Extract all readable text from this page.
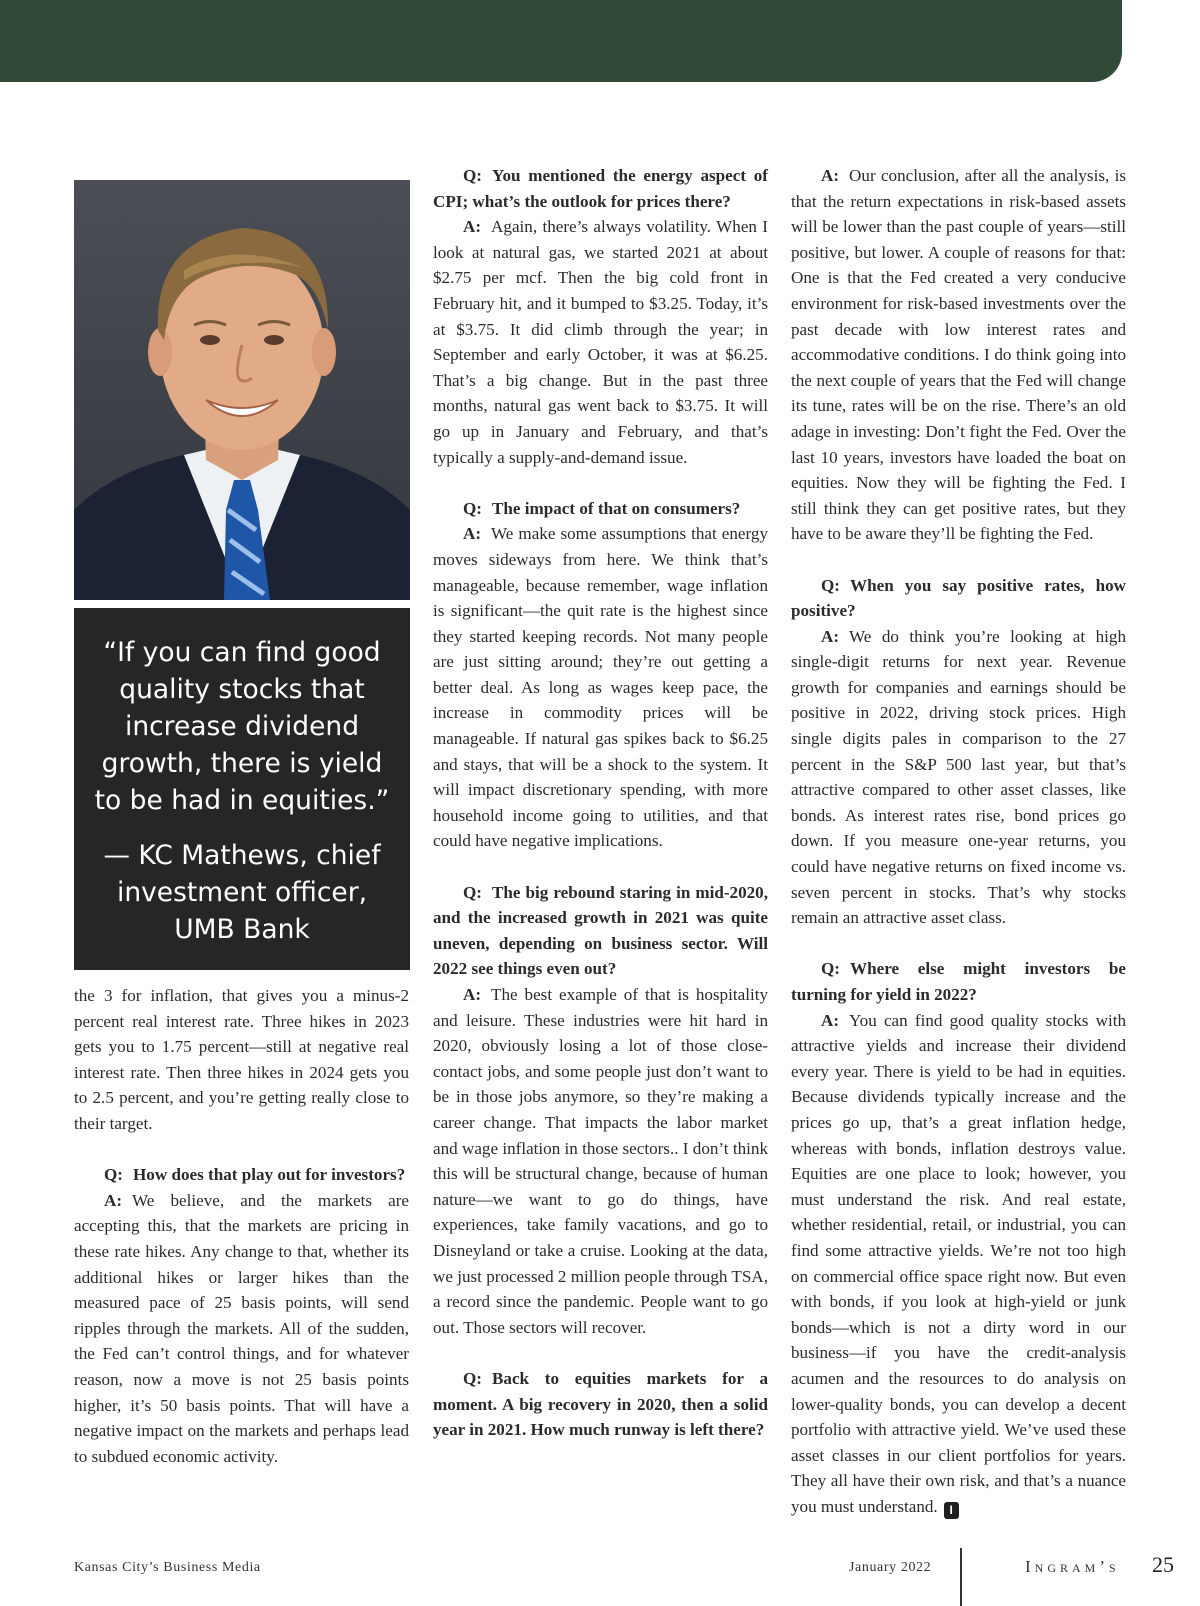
“If you can find good quality stocks that increase dividend growth, there is yield to be had in equities.”

— KC Mathews, chief investment officer, UMB Bank

the 3 for inflation, that gives you a minus-2 percent real interest rate. Three hikes in 2023 gets you to 1.75 percent—still at negative real interest rate. Then three hikes in 2024 gets you to 2.5 percent, and you’re getting really close to their target.

Q: How does that play out for investors?

A: We believe, and the markets are accepting this, that the markets are pricing in these rate hikes. Any change to that, whether its additional hikes or larger hikes than the measured pace of 25 basis points, will send ripples through the markets. All of the sudden, the Fed can’t control things, and for whatever reason, now a move is not 25 basis points higher, it’s 50 basis points. That will have a negative impact on the markets and perhaps lead to subdued economic activity.

Q: You mentioned the energy aspect of CPI; what’s the outlook for prices there?

A: Again, there’s always volatility. When I look at natural gas, we started 2021 at about $2.75 per mcf. Then the big cold front in February hit, and it bumped to $3.25. Today, it’s at $3.75. It did climb through the year; in September and early October, it was at $6.25. That’s a big change. But in the past three months, natural gas went back to $3.75. It will go up in January and February, and that’s typically a supply-and-demand issue.

Q: The impact of that on consumers?

A: We make some assumptions that energy moves sideways from here. We think that’s manageable, because remember, wage inflation is significant—the quit rate is the highest since they started keeping records. Not many people are just sitting around; they’re out getting a better deal. As long as wages keep pace, the increase in commodity prices will be manageable. If natural gas spikes back to $6.25 and stays, that will be a shock to the system. It will impact discretionary spending, with more household income going to utilities, and that could have negative implications.

Q: The big rebound staring in mid-2020, and the increased growth in 2021 was quite uneven, depending on business sector. Will 2022 see things even out?

A: The best example of that is hospitality and leisure. These industries were hit hard in 2020, obviously losing a lot of those close-contact jobs, and some people just don’t want to be in those jobs anymore, so they’re making a career change. That impacts the labor market and wage inflation in those sectors.. I don’t think this will be structural change, because of human nature—we want to go do things, have experiences, take family vacations, and go to Disneyland or take a cruise. Looking at the data, we just processed 2 million people through TSA, a record since the pandemic. People want to go out. Those sectors will recover.

Q: Back to equities markets for a moment. A big recovery in 2020, then a solid year in 2021. How much runway is left there?

A: Our conclusion, after all the analysis, is that the return expectations in risk-based assets will be lower than the past couple of years—still positive, but lower. A couple of reasons for that: One is that the Fed created a very conducive environment for risk-based investments over the past decade with low interest rates and accommodative conditions. I do think going into the next couple of years that the Fed will change its tune, rates will be on the rise. There’s an old adage in investing: Don’t fight the Fed. Over the last 10 years, investors have loaded the boat on equities. Now they will be fighting the Fed. I still think they can get positive rates, but they have to be aware they’ll be fighting the Fed.

Q: When you say positive rates, how positive?

A: We do think you’re looking at high single-digit returns for next year. Revenue growth for companies and earnings should be positive in 2022, driving stock prices. High single digits pales in comparison to the 27 percent in the S&P 500 last year, but that’s attractive compared to other asset classes, like bonds. As interest rates rise, bond prices go down. If you measure one-year returns, you could have negative returns on fixed income vs. seven percent in stocks. That’s why stocks remain an attractive asset class.

Q: Where else might investors be turning for yield in 2022?

A: You can find good quality stocks with attractive yields and increase their dividend every year. There is yield to be had in equities. Because dividends typically increase and the prices go up, that’s a great inflation hedge, whereas with bonds, inflation destroys value. Equities are one place to look; however, you must understand the risk. And real estate, whether residential, retail, or industrial, you can find some attractive yields. We’re not too high on commercial office space right now. But even with bonds, if you look at high-yield or junk bonds—which is not a dirty word in our business—if you have the credit-analysis acumen and the resources to do analysis on lower-quality bonds, you can develop a decent portfolio with attractive yield. We’ve used these asset classes in our client portfolios for years. They all have their own risk, and that’s a nuance you must understand. I

Kansas City’s Business Media	January 2022	Ingram’s 25
